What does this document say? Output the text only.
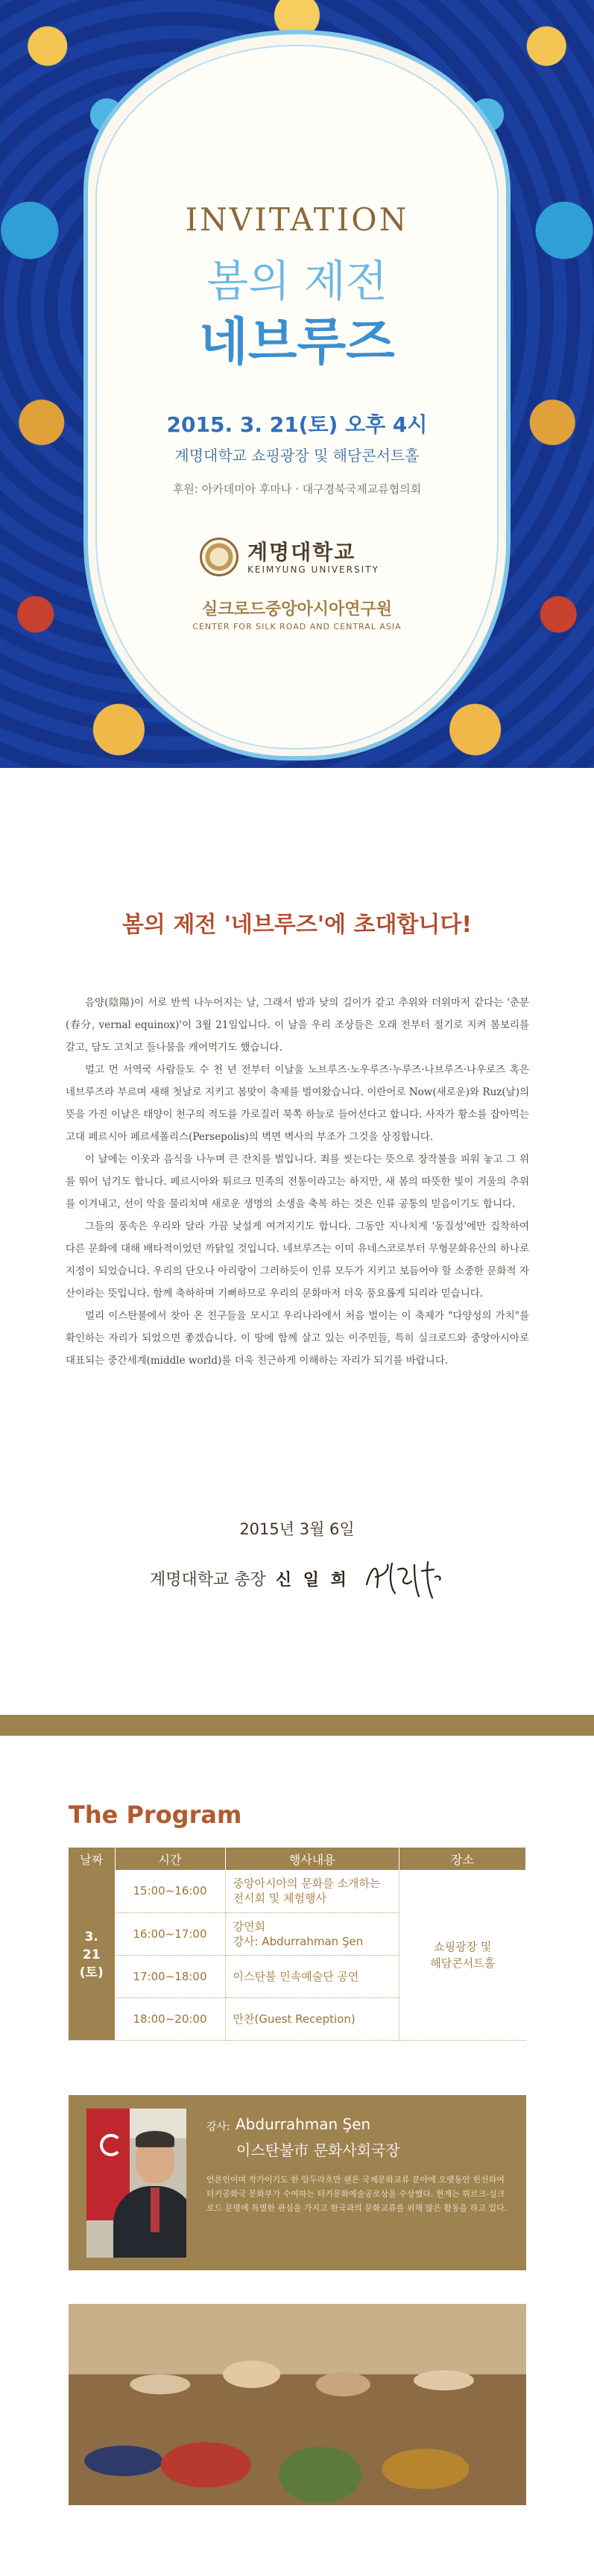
INVITATION
봄의 제전
네브루즈
2015. 3. 21(토) 오후 4시
계명대학교 쇼핑광장 및 해담콘서트홀
후원: 아카데미아 후마나 · 대구경북국제교류협의회
계명대학교
KEIMYUNG UNIVERSITY
실크로드중앙아시아연구원
CENTER FOR SILK ROAD AND CENTRAL ASIA
봄의 제전 '네브루즈'에 초대합니다!

음양(陰陽)이 서로 반씩 나누어지는 날, 그래서 밤과 낮의 길이가 같고 추위와 더위마저 같다는 '춘분(春分, vernal equinox)'이 3월 21일입니다. 이 날을 우리 조상들은 오래 전부터 절기로 지켜 봄보리를 갈고, 담도 고치고 들나물을 캐어먹기도 했습니다.

멀고 먼 서역국 사람들도 수 천 년 전부터 이날을 노브루즈·노우루즈·누루즈·나브루즈·나우로즈 혹은 네브루즈라 부르며 새해 첫날로 지키고 봄맞이 축제를 벌여왔습니다. 이란어로 Now(새로운)와 Ruz(날)의 뜻을 가진 이날은 태양이 천구의 적도를 가로질러 북쪽 하늘로 들어선다고 합니다. 사자가 황소를 잡아먹는 고대 페르시아 페르세폴리스(Persepolis)의 벽면 벽사의 부조가 그것을 상징합니다.

이 날에는 이웃과 음식을 나누며 큰 잔치를 벌입니다. 죄를 씻는다는 뜻으로 장작불을 피워 놓고 그 위를 뛰어 넘기도 합니다. 페르시아와 튀르크 민족의 전통이라고는 하지만, 새 봄의 따뜻한 빛이 겨울의 추위를 이겨내고, 선이 악을 물리치며 새로운 생명의 소생을 축복 하는 것은 인류 공통의 믿음이기도 합니다.

그들의 풍속은 우리와 달라 가끔 낯설게 여겨지기도 합니다. 그동안 지나치게 '동질성'에만 집착하여 다른 문화에 대해 배타적이었던 까닭일 것입니다. 네브루즈는 이미 유네스코로부터 무형문화유산의 하나로 지정이 되었습니다. 우리의 단오나 아리랑이 그러하듯이 인류 모두가 지키고 보듬어야 할 소중한 문화적 자산이라는 뜻입니다. 함께 축하하며 기뻐하므로 우리의 문화마저 더욱 풍요롭게 되리라 믿습니다.

멀리 이스탄불에서 찾아 온 친구들을 모시고 우리나라에서 처음 벌이는 이 축제가 "다양성의 가치"를 확인하는 자리가 되었으면 좋겠습니다. 이 땅에 함께 살고 있는 이주민들, 특히 실크로드와 중앙아시아로 대표되는 중간세계(middle world)를 더욱 친근하게 이해하는 자리가 되기를 바랍니다.

2015년 3월 6일
계명대학교 총장 신 일 희
The Program
날짜	시간	행사내용	장소
3. 21
(토)	15:00~16:00	중앙아시아의 문화를 소개하는 전시회 및 체험행사	쇼핑광장 및
해담콘서트홀
	16:00~17:00	강연회
강사: Abdurrahman Şen	
	17:00~18:00	이스탄불 민속예술단 공연	
	18:00~20:00	만찬(Guest Reception)	
강사: Abdurrahman Şen
이스탄불市 문화사회국장
언론인이며 작가이기도 한 압두라흐만 쉔은 국제문화교류 분야에 오랫동안 헌신하여 터키공화국 문화부가 수여하는 터키문화예술공로상을 수상했다. 현재는 튀르크-실크로드 문명에 특별한 관심을 가지고 한국과의 문화교류를 위해 많은 활동을 하고 있다.
